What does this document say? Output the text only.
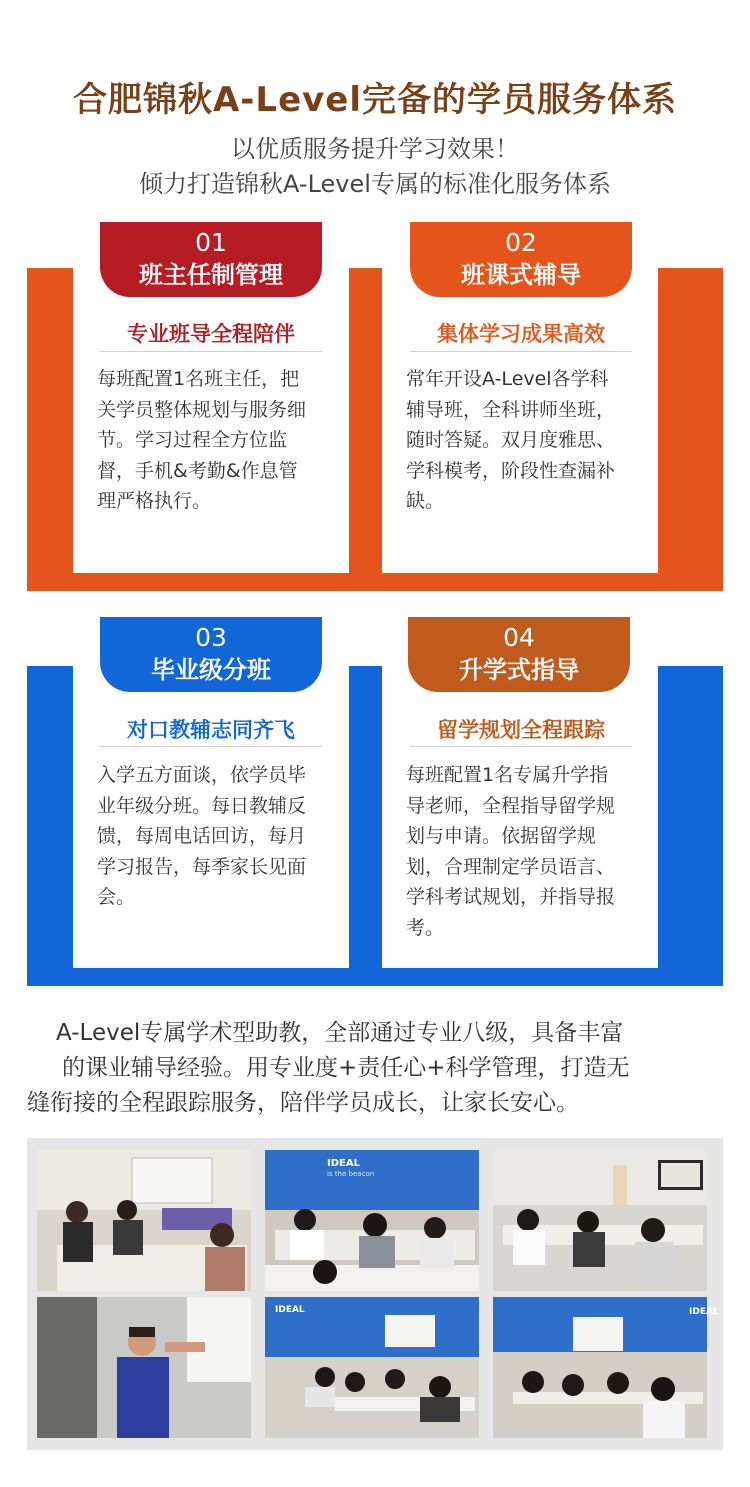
合肥锦秋A-Level完备的学员服务体系
以优质服务提升学习效果！
倾力打造锦秋A-Level专属的标准化服务体系
01
班主任制管理
02
班课式辅导
专业班导全程陪伴	集体学习成果高效
每班配置1名班主任，把
关学员整体规划与服务细
节。学习过程全方位监
督，手机&考勤&作息管
理严格执行。
常年开设A-Level各学科
辅导班，全科讲师坐班，
随时答疑。双月度雅思、
学科模考，阶段性查漏补
缺。
03
毕业级分班
04
升学式指导
对口教辅志同齐飞	留学规划全程跟踪
入学五方面谈，依学员毕
业年级分班。每日教辅反
馈，每周电话回访，每月
学习报告，每季家长见面
会。
每班配置1名专属升学指
导老师，全程指导留学规
划与申请。依据留学规
划，合理制定学员语言、
学科考试规划，并指导报
考。
A-Level专属学术型助教，全部通过专业八级，具备丰富
的课业辅导经验。用专业度+责任心+科学管理，打造无
缝衔接的全程跟踪服务，陪伴学员成长，让家长安心。
IDEAL
is the beacon
IDEAL	IDEAL
